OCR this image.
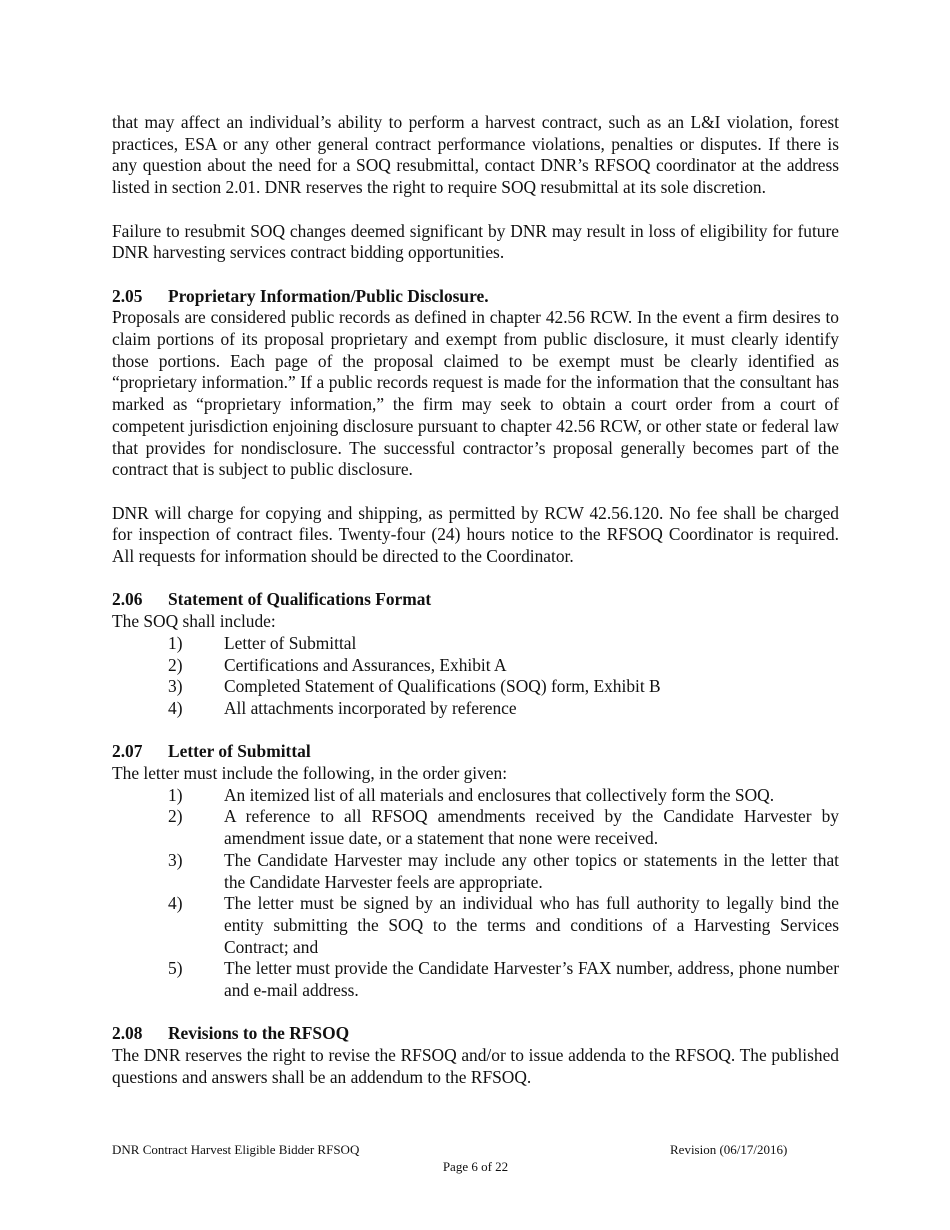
that may affect an individual’s ability to perform a harvest contract, such as an L&I violation, forest practices, ESA or any other general contract performance violations, penalties or disputes. If there is any question about the need for a SOQ resubmittal, contact DNR’s RFSOQ coordinator at the address listed in section 2.01. DNR reserves the right to require SOQ resubmittal at its sole discretion.

Failure to resubmit SOQ changes deemed significant by DNR may result in loss of eligibility for future DNR harvesting services contract bidding opportunities.

2.05	Proprietary Information/Public Disclosure.

Proposals are considered public records as defined in chapter 42.56 RCW. In the event a firm desires to claim portions of its proposal proprietary and exempt from public disclosure, it must clearly identify those portions. Each page of the proposal claimed to be exempt must be clearly identified as “proprietary information.” If a public records request is made for the information that the consultant has marked as “proprietary information,” the firm may seek to obtain a court order from a court of competent jurisdiction enjoining disclosure pursuant to chapter 42.56 RCW, or other state or federal law that provides for nondisclosure. The successful contractor’s proposal generally becomes part of the contract that is subject to public disclosure.

DNR will charge for copying and shipping, as permitted by RCW 42.56.120. No fee shall be charged for inspection of contract files. Twenty-four (24) hours notice to the RFSOQ Coordinator is required. All requests for information should be directed to the Coordinator.

2.06	Statement of Qualifications Format

The SOQ shall include:

1)	Letter of Submittal
2)	Certifications and Assurances, Exhibit A
3)	Completed Statement of Qualifications (SOQ) form, Exhibit B
4)	All attachments incorporated by reference
2.07	Letter of Submittal

The letter must include the following, in the order given:

1)	An itemized list of all materials and enclosures that collectively form the SOQ.
2)	A reference to all RFSOQ amendments received by the Candidate Harvester by amendment issue date, or a statement that none were received.
3)	The Candidate Harvester may include any other topics or statements in the letter that the Candidate Harvester feels are appropriate.
4)	The letter must be signed by an individual who has full authority to legally bind the entity submitting the SOQ to the terms and conditions of a Harvesting Services Contract; and
5)	The letter must provide the Candidate Harvester’s FAX number, address, phone number and e-mail address.
2.08	Revisions to the RFSOQ

The DNR reserves the right to revise the RFSOQ and/or to issue addenda to the RFSOQ. The published questions and answers shall be an addendum to the RFSOQ.

DNR Contract Harvest Eligible Bidder RFSOQ	Revision (06/17/2016)
Page 6 of 22
